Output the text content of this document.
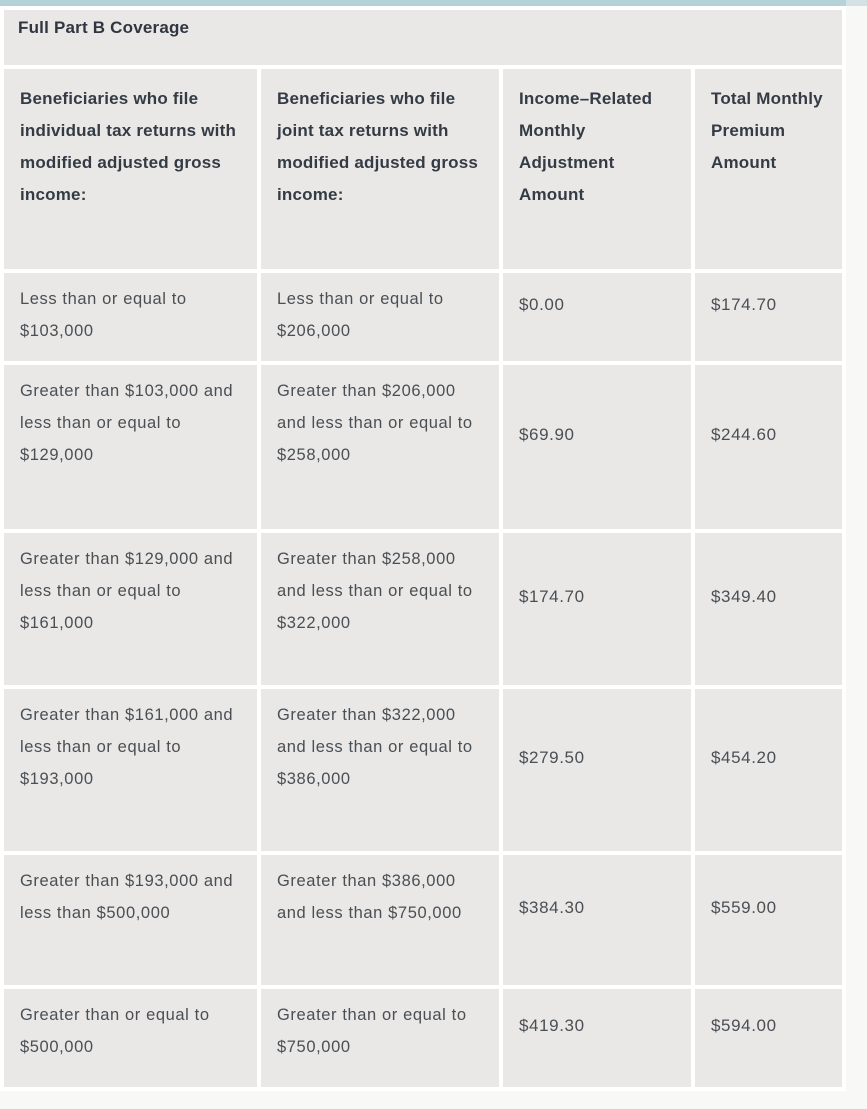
Full Part B Coverage			
Beneficiaries who file individual tax returns with modified adjusted gross income:	Beneficiaries who file joint tax returns with modified adjusted gross income:	Income–Related Monthly Adjustment Amount	Total Monthly Premium Amount
Less than or equal to $103,000	Less than or equal to $206,000	$0.00	$174.70
Greater than $103,000 and less than or equal to $129,000	Greater than $206,000 and less than or equal to $258,000	$69.90	$244.60
Greater than $129,000 and less than or equal to $161,000	Greater than $258,000 and less than or equal to $322,000	$174.70	$349.40
Greater than $161,000 and less than or equal to $193,000	Greater than $322,000 and less than or equal to $386,000	$279.50	$454.20
Greater than $193,000 and less than $500,000	Greater than $386,000 and less than $750,000	$384.30	$559.00
Greater than or equal to $500,000	Greater than or equal to $750,000	$419.30	$594.00
